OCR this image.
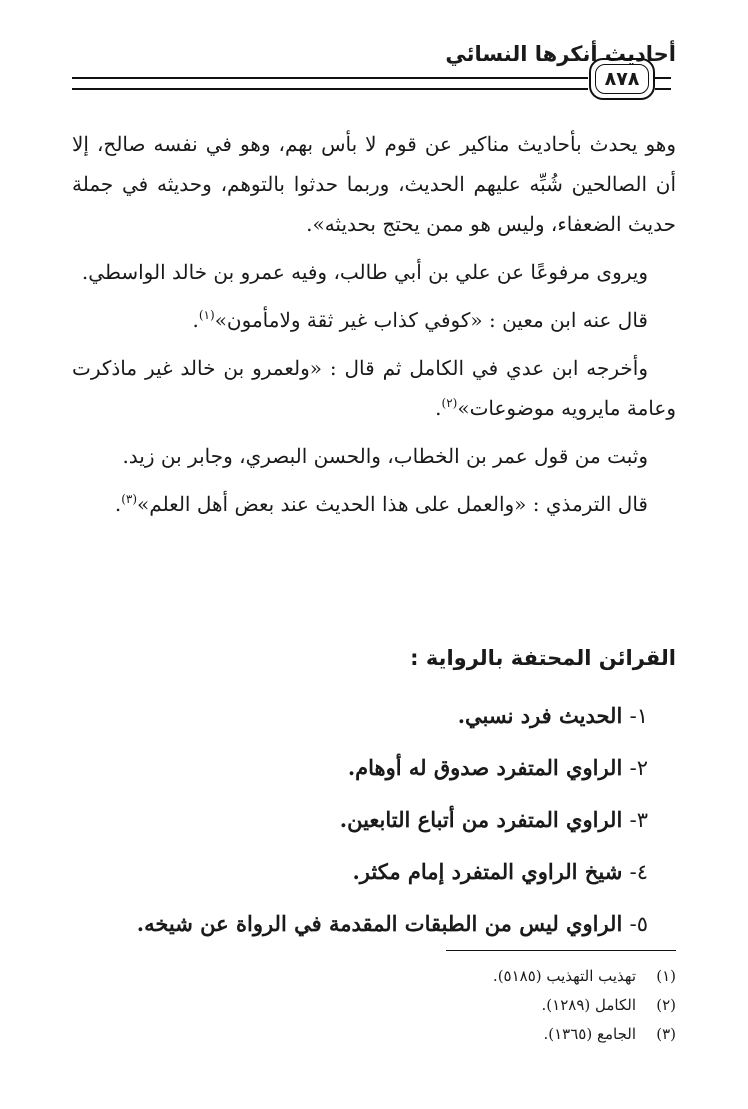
أحاديث أنكرها النسائي
٨٧٨

وهو يحدث بأحاديث مناكير عن قوم لا بأس بهم، وهو في نفسه صالح، إلا أن الصالحين شُبِّه عليهم الحديث، وربما حدثوا بالتوهم، وحديثه في جملة حديث الضعفاء، وليس هو ممن يحتج بحديثه».

ويروى مرفوعًا عن علي بن أبي طالب، وفيه عمرو بن خالد الواسطي.

قال عنه ابن معين : «كوفي كذاب غير ثقة ولامأمون»$^{(١)}$.

وأخرجه ابن عدي في الكامل ثم قال : «ولعمرو بن خالد غير ماذكرت وعامة مايرويه موضوعات»$^{(٢)}$.

وثبت من قول عمر بن الخطاب، والحسن البصري، وجابر بن زيد.

قال الترمذي : «والعمل على هذا الحديث عند بعض أهل العلم»$^{(٣)}$.

القرائن المحتفة بالرواية :
١- الحديث فرد نسبي.
٢- الراوي المتفرد صدوق له أوهام.
٣- الراوي المتفرد من أتباع التابعين.
٤- شيخ الراوي المتفرد إمام مكثر.
٥- الراوي ليس من الطبقات المقدمة في الرواة عن شيخه.
(١)تهذيب التهذيب (٥١٨٥).
(٢)الكامل (١٢٨٩).
(٣)الجامع (١٣٦٥).
